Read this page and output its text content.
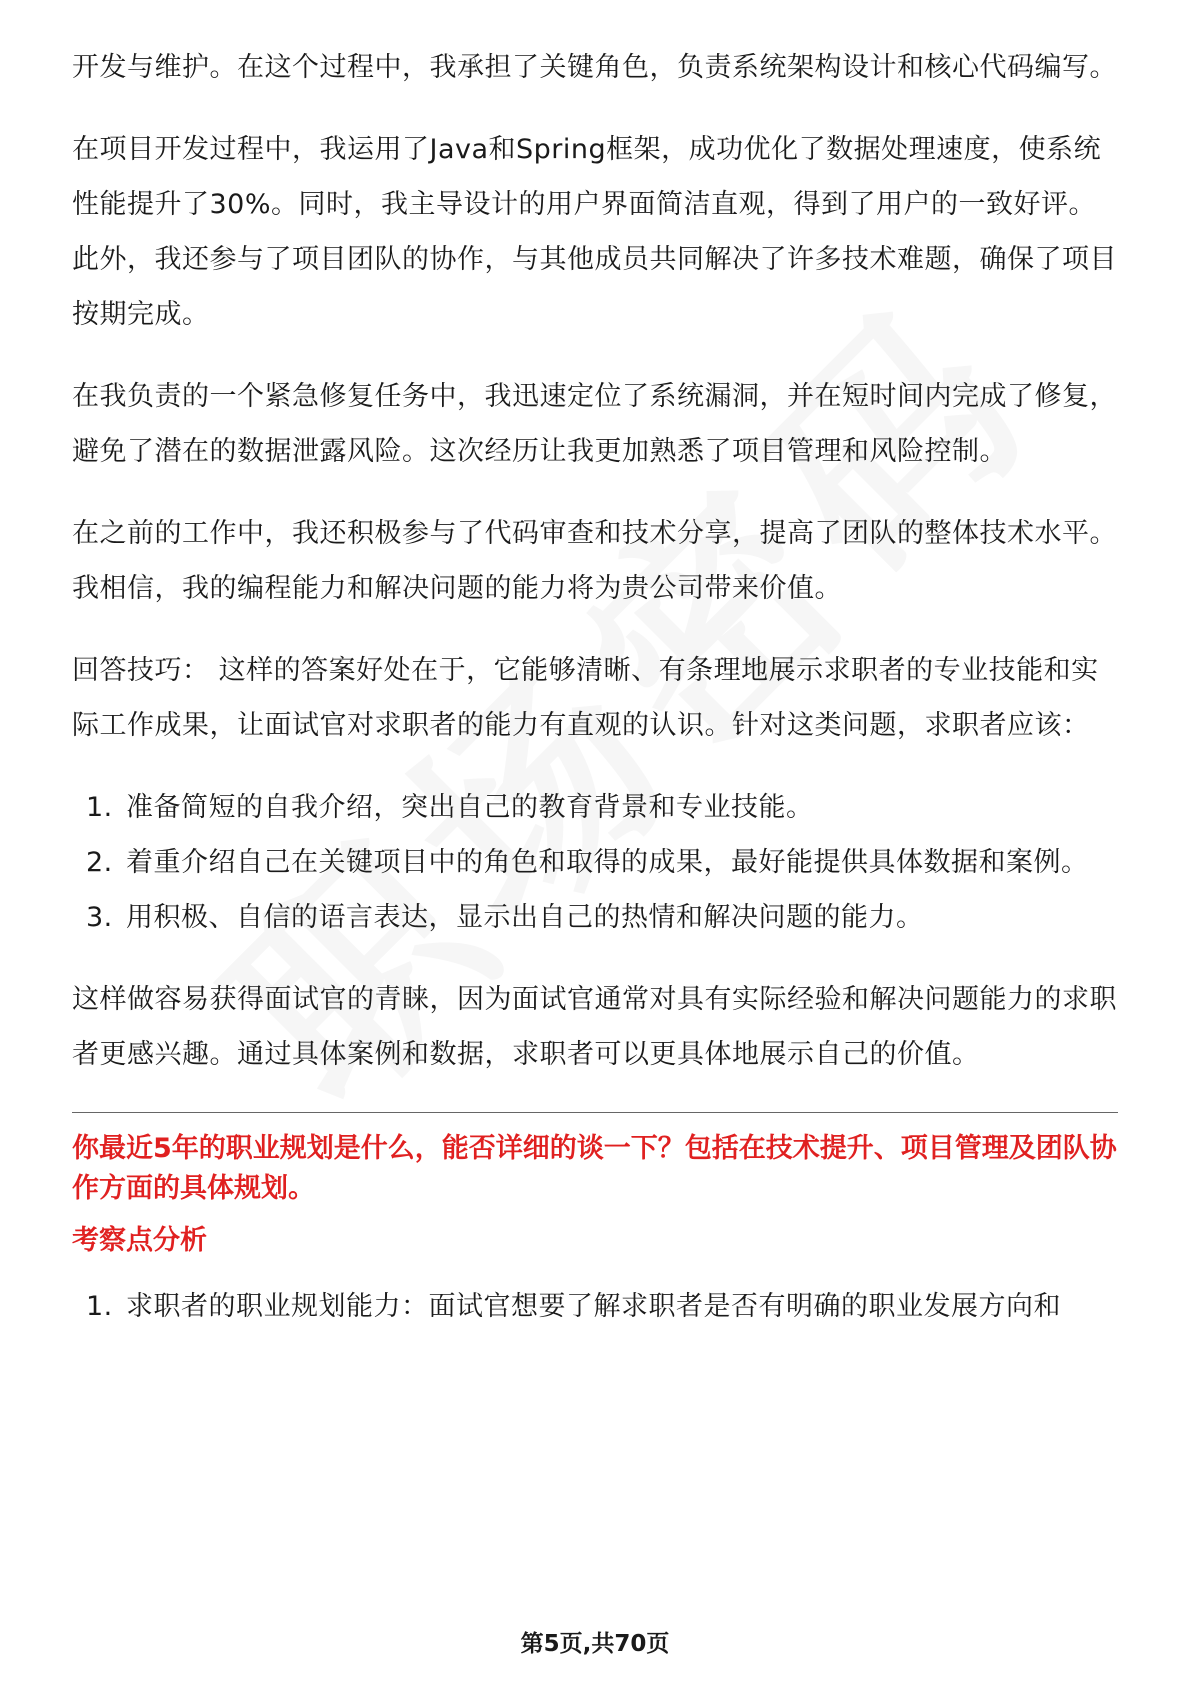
开发与维护。在这个过程中，我承担了关键角色，负责系统架构设计和核心代码编写。

在项目开发过程中，我运用了Java和Spring框架，成功优化了数据处理速度，使系统性能提升了30%。同时，我主导设计的用户界面简洁直观，得到了用户的一致好评。此外，我还参与了项目团队的协作，与其他成员共同解决了许多技术难题，确保了项目按期完成。

在我负责的一个紧急修复任务中，我迅速定位了系统漏洞，并在短时间内完成了修复，避免了潜在的数据泄露风险。这次经历让我更加熟悉了项目管理和风险控制。

在之前的工作中，我还积极参与了代码审查和技术分享，提高了团队的整体技术水平。我相信，我的编程能力和解决问题的能力将为贵公司带来价值。

回答技巧： 这样的答案好处在于，它能够清晰、有条理地展示求职者的专业技能和实际工作成果，让面试官对求职者的能力有直观的认识。针对这类问题，求职者应该：

1. 准备简短的自我介绍，突出自己的教育背景和专业技能。
2. 着重介绍自己在关键项目中的角色和取得的成果，最好能提供具体数据和案例。
3. 用积极、自信的语言表达，显示出自己的热情和解决问题的能力。

这样做容易获得面试官的青睐，因为面试官通常对具有实际经验和解决问题能力的求职者更感兴趣。通过具体案例和数据，求职者可以更具体地展示自己的价值。

你最近5年的职业规划是什么，能否详细的谈一下？包括在技术提升、项目管理及团队协作方面的具体规划。

考察点分析

1. 求职者的职业规划能力：面试官想要了解求职者是否有明确的职业发展方向和
第5页,共70页
